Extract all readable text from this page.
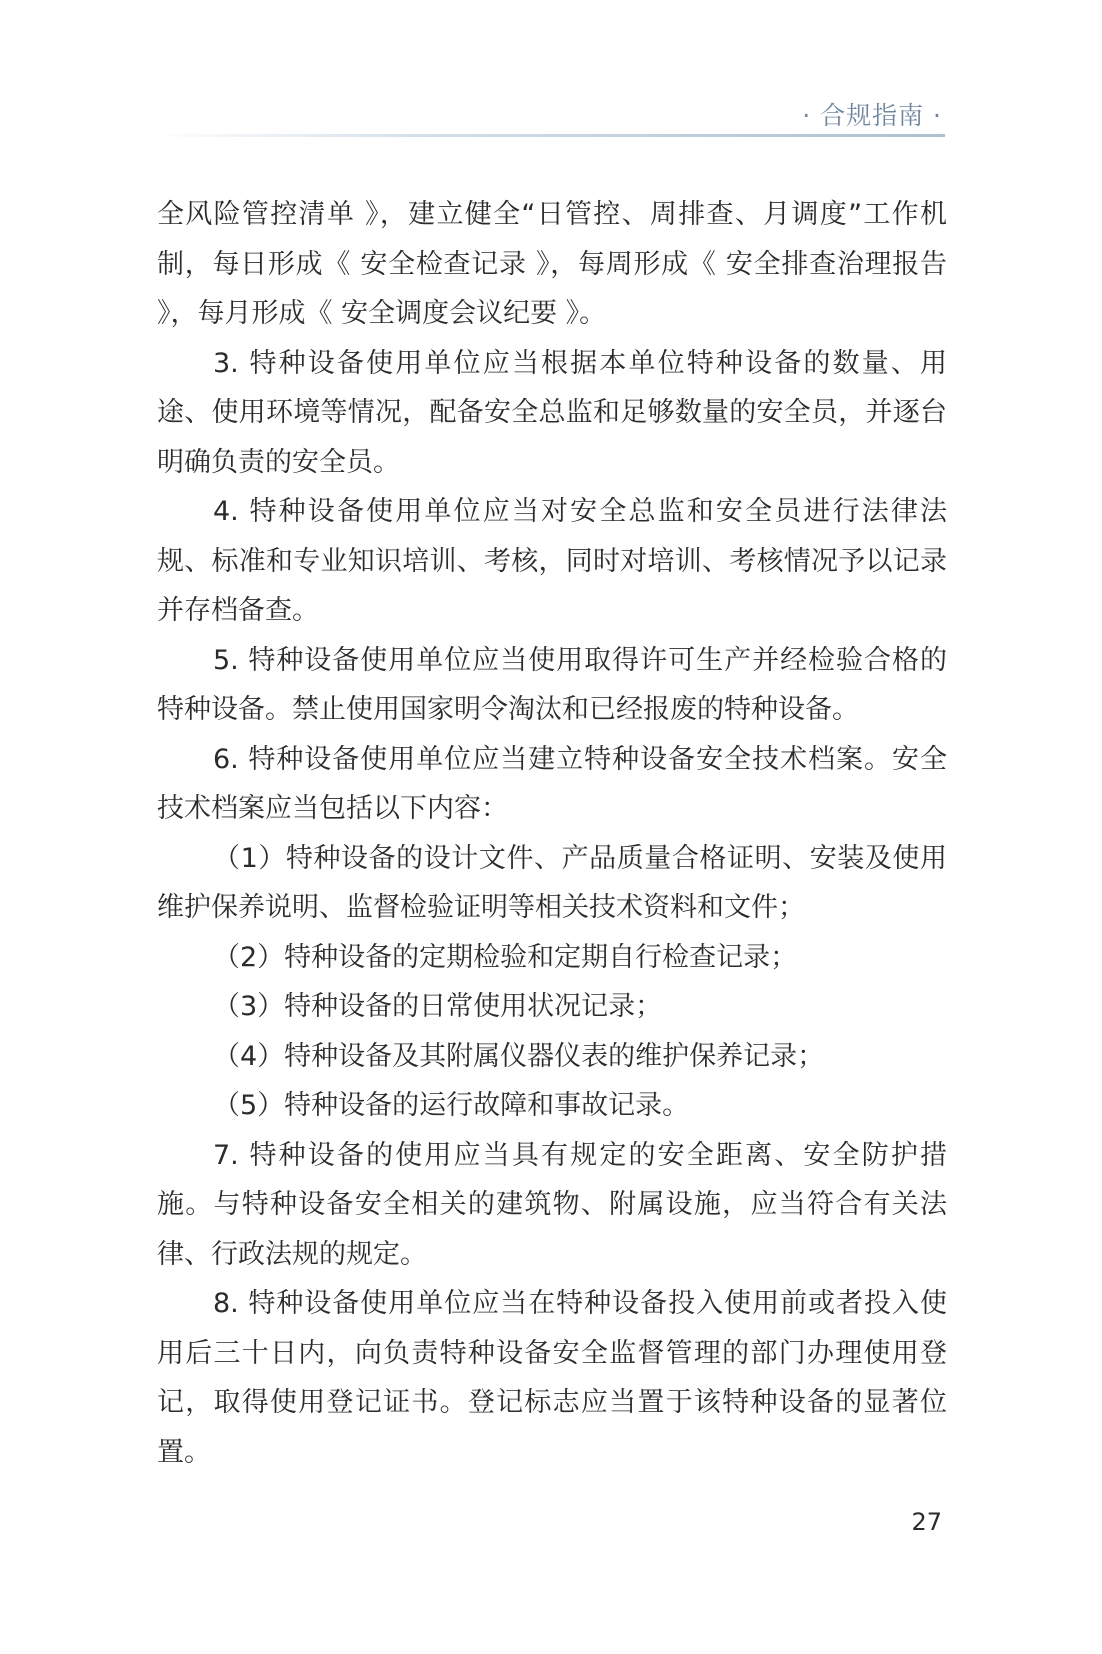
· 合规指南 ·

全风险管控清单 》，建立健全“日管控、周排查、月调度”工作机制，每日形成《 安全检查记录 》，每周形成《 安全排查治理报告 》，每月形成《 安全调度会议纪要 》。

3. 特种设备使用单位应当根据本单位特种设备的数量、用途、使用环境等情况，配备安全总监和足够数量的安全员，并逐台明确负责的安全员。

4. 特种设备使用单位应当对安全总监和安全员进行法律法规、标准和专业知识培训、考核，同时对培训、考核情况予以记录并存档备查。

5. 特种设备使用单位应当使用取得许可生产并经检验合格的特种设备。禁止使用国家明令淘汰和已经报废的特种设备。

6. 特种设备使用单位应当建立特种设备安全技术档案。安全技术档案应当包括以下内容：

（1）特种设备的设计文件、产品质量合格证明、安装及使用维护保养说明、监督检验证明等相关技术资料和文件；

（2）特种设备的定期检验和定期自行检查记录；

（3）特种设备的日常使用状况记录；

（4）特种设备及其附属仪器仪表的维护保养记录；

（5）特种设备的运行故障和事故记录。

7. 特种设备的使用应当具有规定的安全距离、安全防护措施。与特种设备安全相关的建筑物、附属设施，应当符合有关法律、行政法规的规定。

8. 特种设备使用单位应当在特种设备投入使用前或者投入使用后三十日内，向负责特种设备安全监督管理的部门办理使用登记，取得使用登记证书。登记标志应当置于该特种设备的显著位置。

27
